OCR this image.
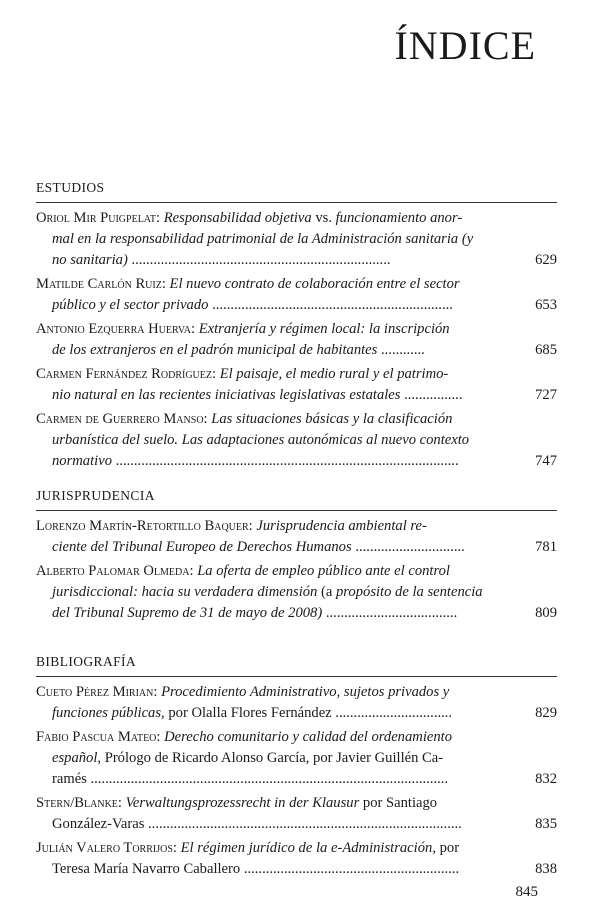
ÍNDICE
ESTUDIOS
Oriol Mir Puigpelat: Responsabilidad objetiva vs. funcionamiento anor-
mal en la responsabilidad patrimonial de la Administración sanitaria (y
no sanitaria) .......................................................................	629
Matilde Carlón Ruiz: El nuevo contrato de colaboración entre el sector
público y el sector privado ..................................................................	653
Antonio Ezquerra Huerva: Extranjería y régimen local: la inscripción
de los extranjeros en el padrón municipal de habitantes ............	685
Carmen Fernández Rodríguez: El paisaje, el medio rural y el patrimo-
nio natural en las recientes iniciativas legislativas estatales ................	727
Carmen de Guerrero Manso: Las situaciones básicas y la clasificación
urbanística del suelo. Las adaptaciones autonómicas al nuevo contexto
normativo ..............................................................................................	747
JURISPRUDENCIA
Lorenzo Martín-Retortillo Baquer: Jurisprudencia ambiental re-
ciente del Tribunal Europeo de Derechos Humanos ..............................	781
Alberto Palomar Olmeda: La oferta de empleo público ante el control
jurisdiccional: hacia su verdadera dimensión (a propósito de la sentencia
del Tribunal Supremo de 31 de mayo de 2008) ....................................	809
BIBLIOGRAFÍA
Cueto Pérez Mirian: Procedimiento Administrativo, sujetos privados y
funciones públicas, por Olalla Flores Fernández ................................	829
Fabio Pascua Mateo: Derecho comunitario y calidad del ordenamiento
español, Prólogo de Ricardo Alonso García, por Javier Guillén Ca-
ramés ..................................................................................................	832
Stern/Blanke: Verwaltungsprozessrecht in der Klausur por Santiago
González-Varas ......................................................................................	835
Julián Valero Torrijos: El régimen jurídico de la e-Administración, por
Teresa María Navarro Caballero ...........................................................	838
845
